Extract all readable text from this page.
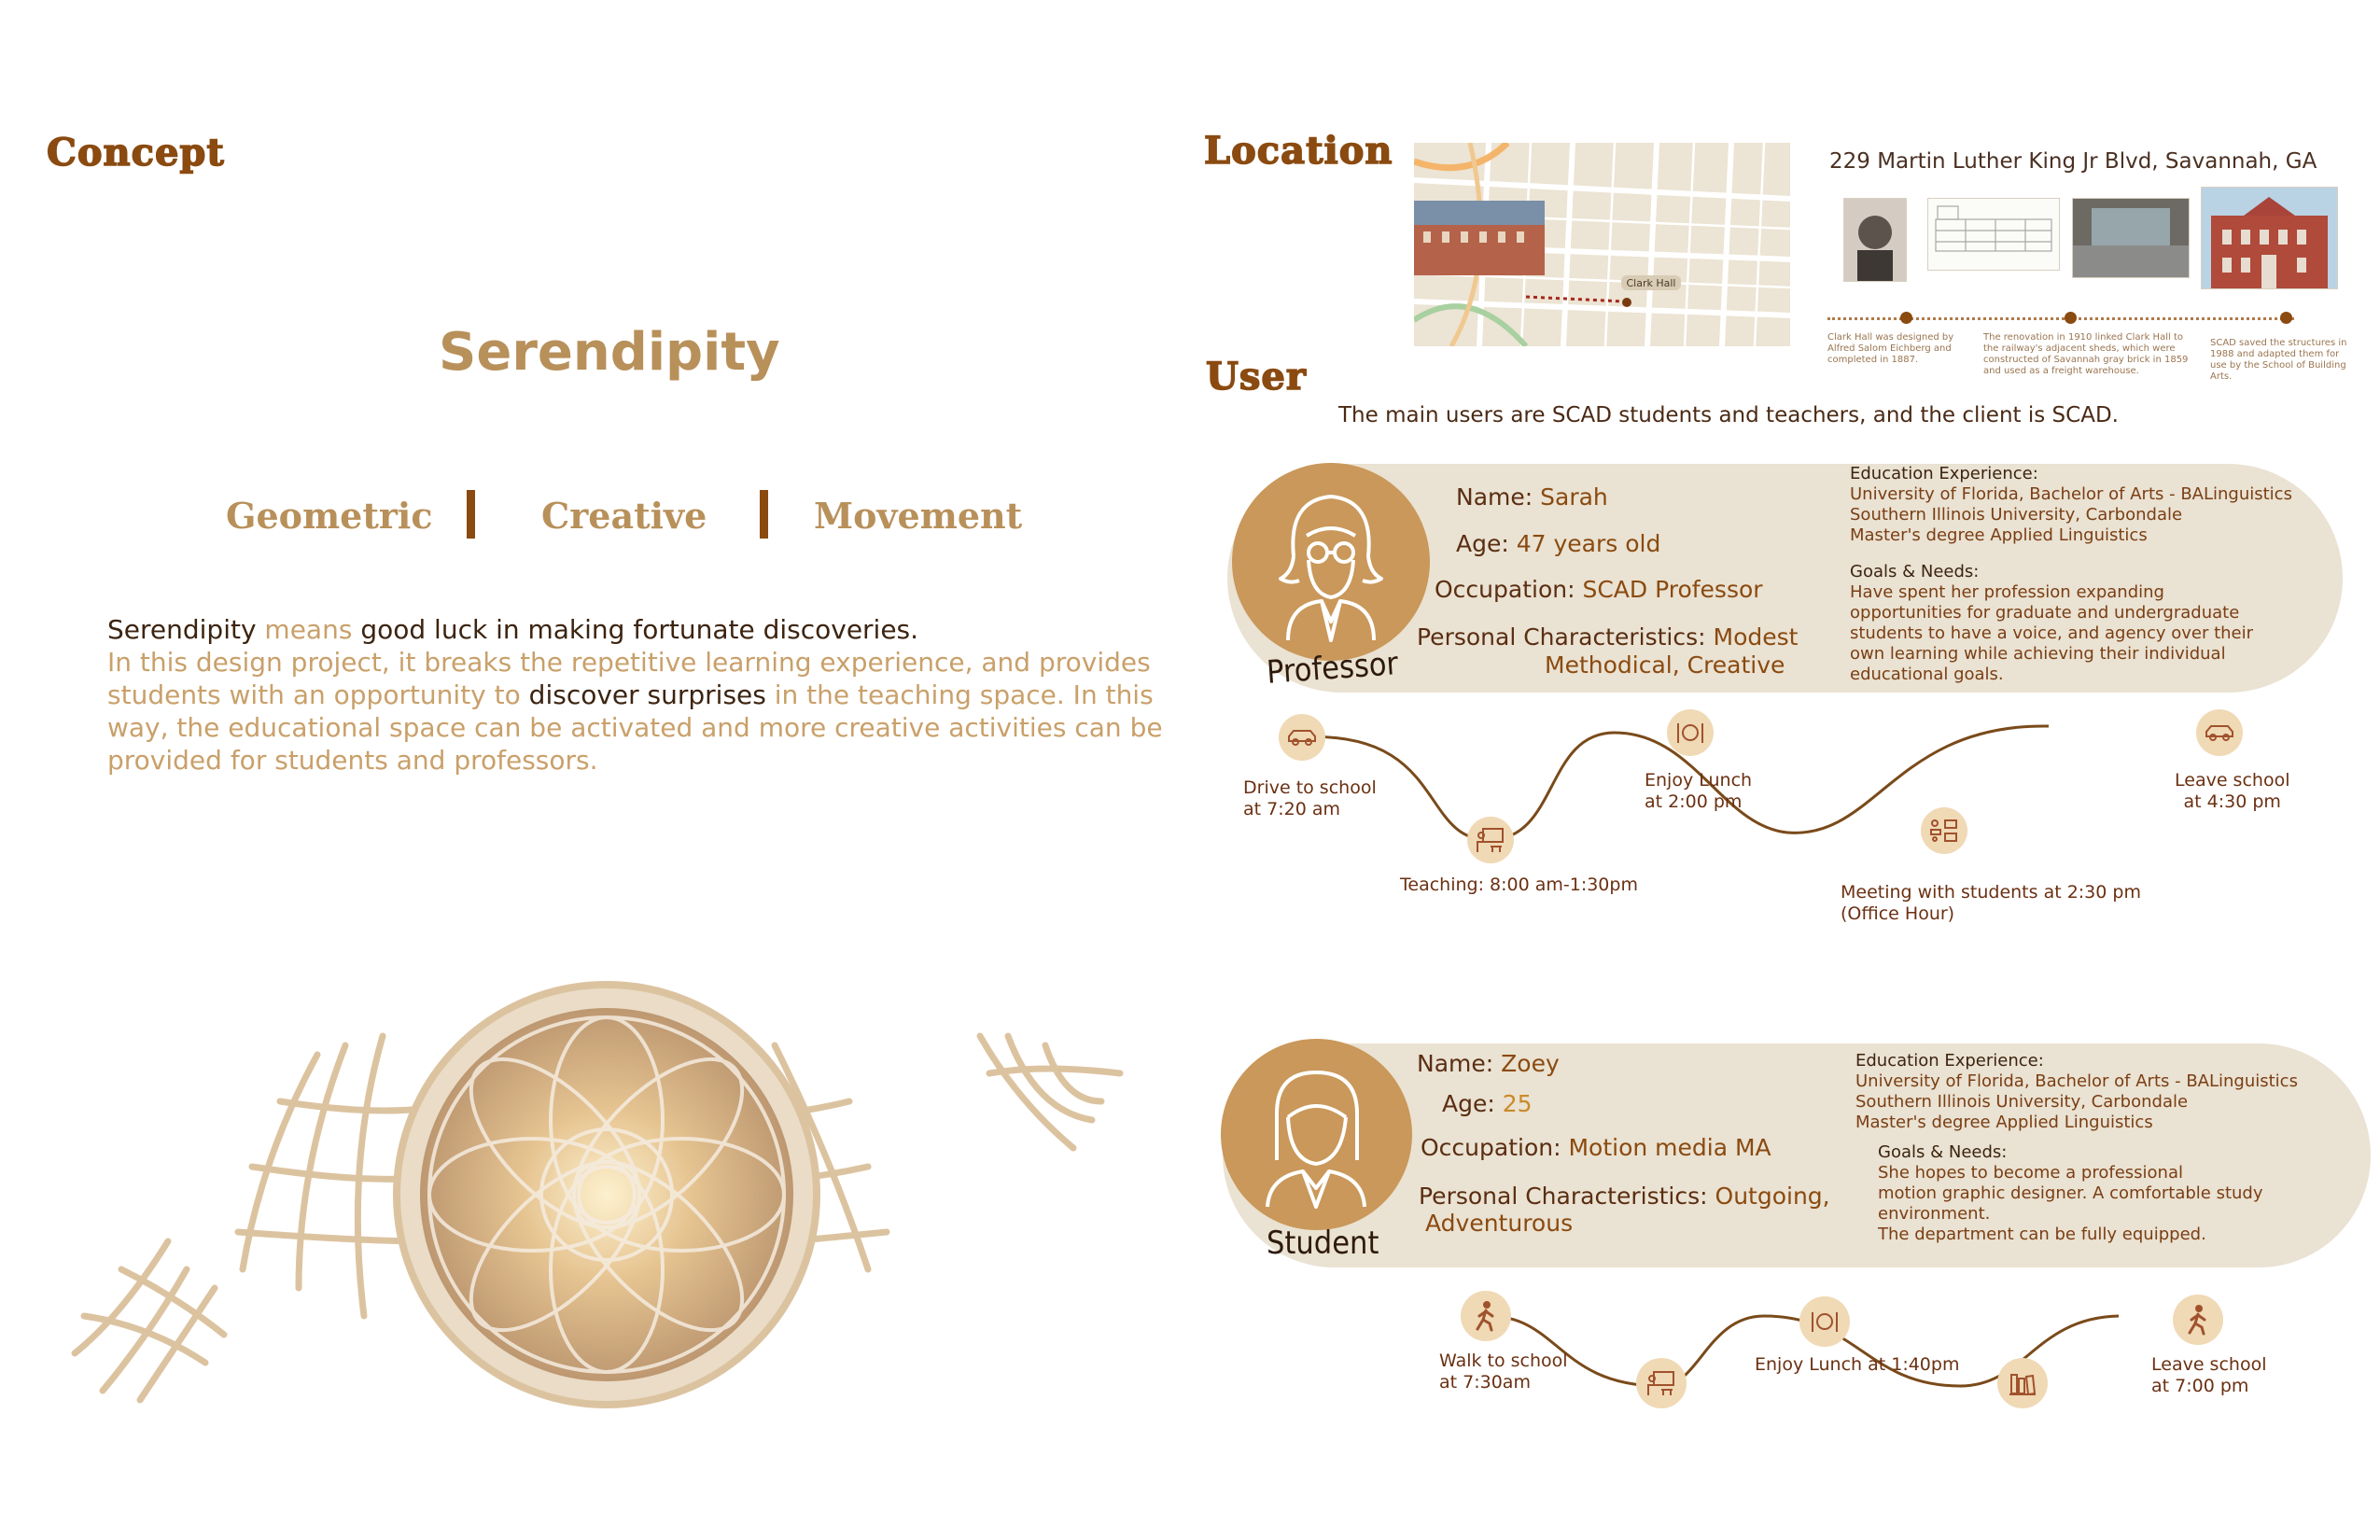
Concept
Serendipity
Geometric	Creative	Movement
Serendipity means good luck in making fortunate discoveries.
In this design project, it breaks the repetitive learning experience, and provides students with an opportunity to discover surprises in the teaching space. In this way, the educational space can be activated and more creative activities can be provided for students and professors.
Location
Clark Hall
229 Martin Luther King Jr Blvd, Savannah, GA
Clark Hall was designed by Alfred Salom Eichberg and completed in 1887.
The renovation in 1910 linked Clark Hall to the railway's adjacent sheds, which were constructed of Savannah gray brick in 1859 and used as a freight warehouse.
SCAD saved the structures in 1988 and adapted them for use by the School of Building Arts.
User
The main users are SCAD students and teachers, and the client is SCAD.
Professor
Name: Sarah
Age: 47 years old
Occupation: SCAD Professor
Personal Characteristics: Modest
Methodical, Creative
Education Experience:
University of Florida, Bachelor of Arts - BALinguistics
Southern Illinois University, Carbondale
Master's degree Applied Linguistics
Goals & Needs:
Have spent her profession expanding
opportunities for graduate and undergraduate
students to have a voice, and agency over their
own learning while achieving their individual
educational goals.
Drive to school
at 7:20 am
Teaching: 8:00 am-1:30pm
Enjoy Lunch
at 2:00 pm
Meeting with students at 2:30 pm
(Office Hour)
Leave school
at 4:30 pm
Student
Name: Zoey
Age: 25
Occupation: Motion media MA
Personal Characteristics: Outgoing,
Adventurous
Education Experience:
University of Florida, Bachelor of Arts - BALinguistics
Southern Illinois University, Carbondale
Master's degree Applied Linguistics
Goals & Needs:
She hopes to become a professional
motion graphic designer. A comfortable study
environment.
The department can be fully equipped.
Walk to school
at 7:30am
Enjoy Lunch at 1:40pm	Leave school
at 7:00 pm
